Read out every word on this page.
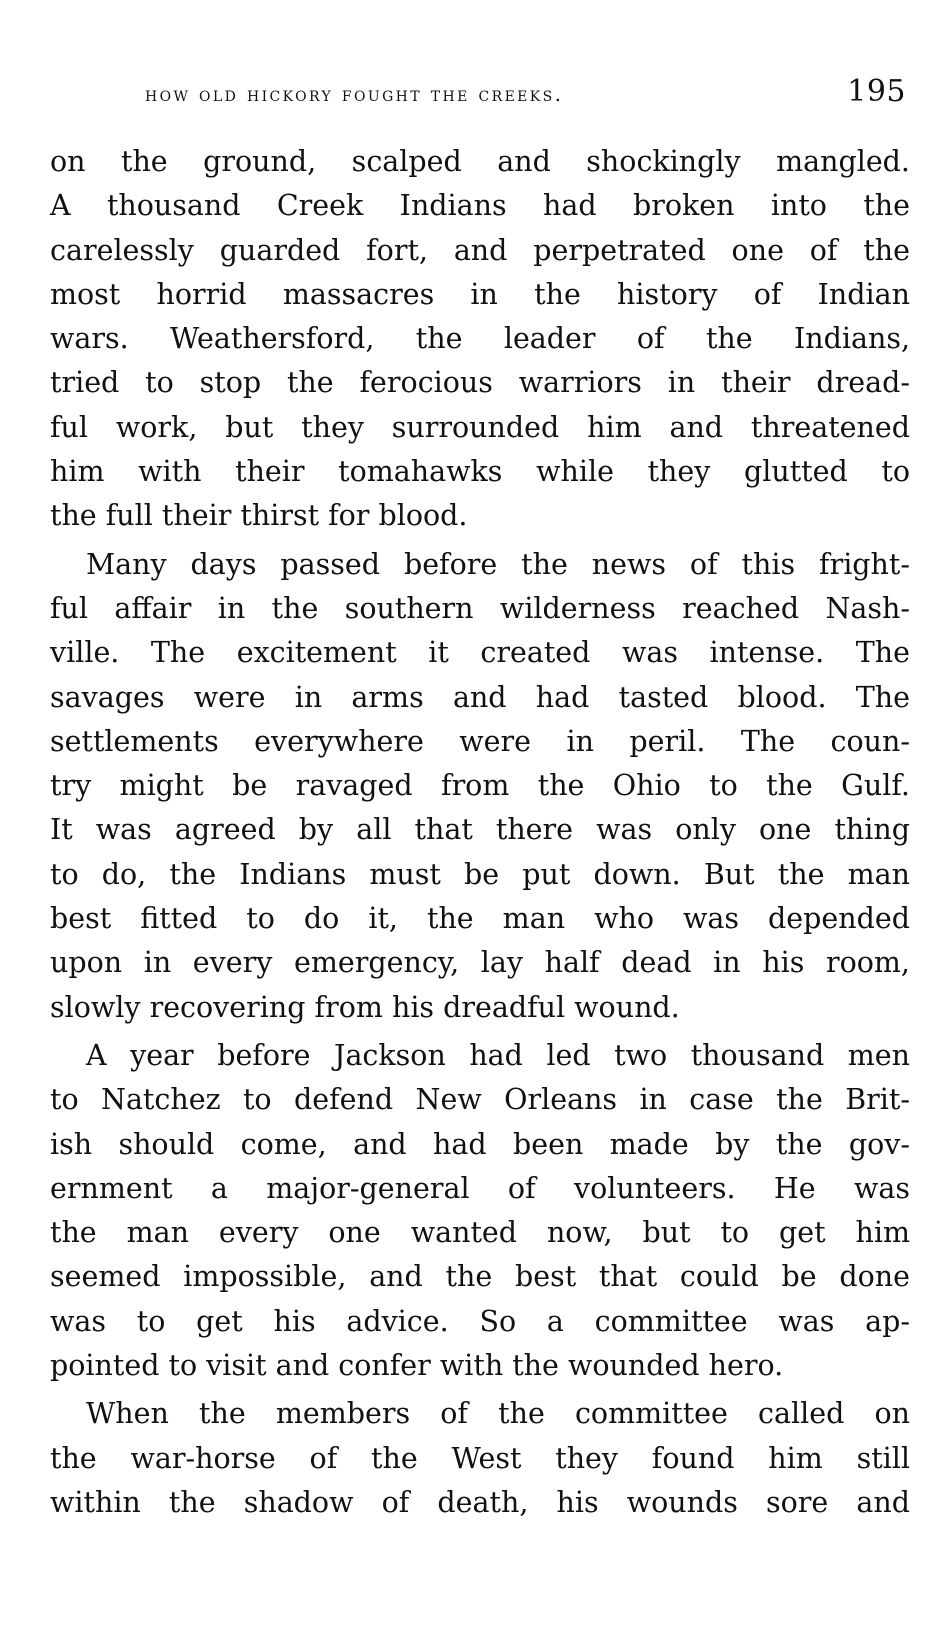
how old hickory fought the creeks.	195
on the ground, scalped and shockingly mangled.
A thousand Creek Indians had broken into the
carelessly guarded fort, and perpetrated one of the
most horrid massacres in the history of Indian
wars. Weathersford, the leader of the Indians,
tried to stop the ferocious warriors in their dread-
ful work, but they surrounded him and threatened
him with their tomahawks while they glutted to
the full their thirst for blood.
Many days passed before the news of this fright-
ful affair in the southern wilderness reached Nash-
ville. The excitement it created was intense. The
savages were in arms and had tasted blood. The
settlements everywhere were in peril. The coun-
try might be ravaged from the Ohio to the Gulf.
It was agreed by all that there was only one thing
to do, the Indians must be put down. But the man
best fitted to do it, the man who was depended
upon in every emergency, lay half dead in his room,
slowly recovering from his dreadful wound.
A year before Jackson had led two thousand men
to Natchez to defend New Orleans in case the Brit-
ish should come, and had been made by the gov-
ernment a major-general of volunteers. He was
the man every one wanted now, but to get him
seemed impossible, and the best that could be done
was to get his advice. So a committee was ap-
pointed to visit and confer with the wounded hero.
When the members of the committee called on
the war-horse of the West they found him still
within the shadow of death, his wounds sore and
